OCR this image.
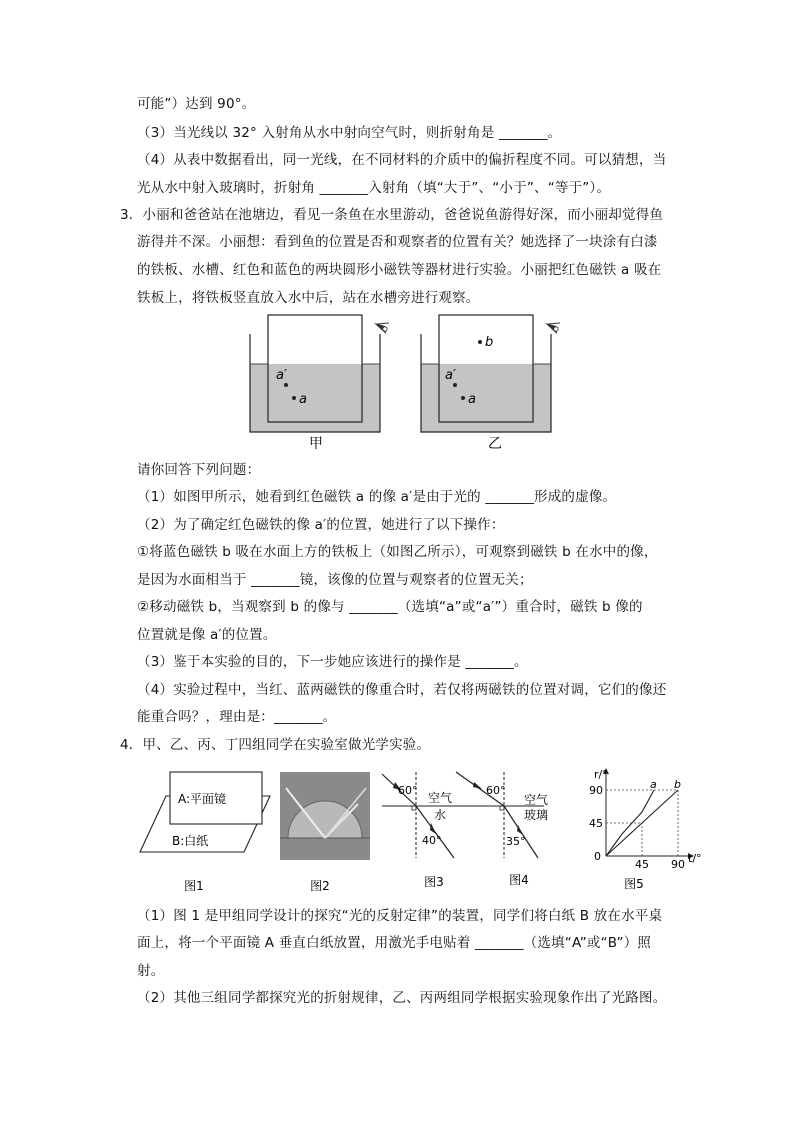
可能”）达到 90°。
（3）当光线以 32° 入射角从水中射向空气时，则折射角是 _______。
（4）从表中数据看出，同一光线，在不同材料的介质中的偏折程度不同。可以猜想，当
光从水中射入玻璃时，折射角 _______入射角（填“大于”、“小于”、“等于”）。
3．小丽和爸爸站在池塘边，看见一条鱼在水里游动，爸爸说鱼游得好深，而小丽却觉得鱼
游得并不深。小丽想：看到鱼的位置是否和观察者的位置有关？她选择了一块涂有白漆
的铁板、水槽、红色和蓝色的两块圆形小磁铁等器材进行实验。小丽把红色磁铁 a 吸在
铁板上，将铁板竖直放入水中后，站在水槽旁进行观察。
a′
a
甲
b
a′
a
乙
请你回答下列问题：
（1）如图甲所示，她看到红色磁铁 a 的像 a′是由于光的 _______形成的虚像。
（2）为了确定红色磁铁的像 a′的位置，她进行了以下操作：
①将蓝色磁铁 b 吸在水面上方的铁板上（如图乙所示），可观察到磁铁 b 在水中的像，
是因为水面相当于 _______镜，该像的位置与观察者的位置无关；
②移动磁铁 b，当观察到 b 的像与 _______（选填“a”或“a′”）重合时，磁铁 b 像的
位置就是像 a′的位置。
（3）鉴于本实验的目的，下一步她应该进行的操作是 _______。
（4）实验过程中，当红、蓝两磁铁的像重合时，若仅将两磁铁的位置对调，它们的像还
能重合吗？，理由是：_______。
4．甲、乙、丙、丁四组同学在实验室做光学实验。
A:平面镜
B:白纸
图1	图2
60°
40°
空气
水
图3
60°
35°
空气
玻璃
图4
r/°
t/°
0
45 90
45
90	a b
图5
（1）图 1 是甲组同学设计的探究“光的反射定律”的装置，同学们将白纸 B 放在水平桌
面上，将一个平面镜 A 垂直白纸放置，用激光手电贴着 _______（选填“A”或“B”）照
射。
（2）其他三组同学都探究光的折射规律，乙、丙两组同学根据实验现象作出了光路图。
